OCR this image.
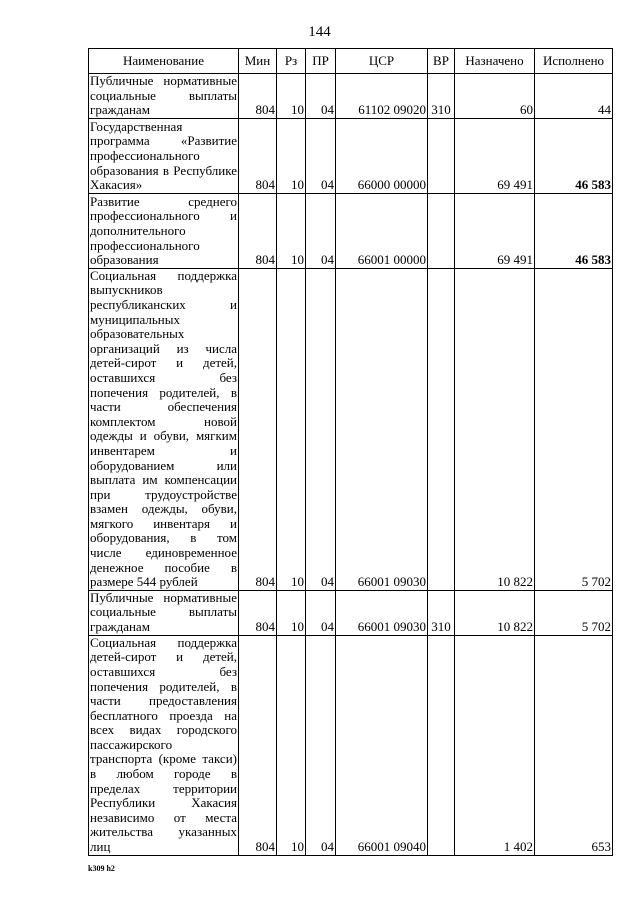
144
Наименование	Мин	Рз	ПР	ЦСР	ВР	Назначено	Исполнено
Публичные нормативные социальные выплаты гражданам	804	10	04	61102 09020	310	60	44
Государственная программа «Развитие профессионального образования в Республике Хакасия»	804	10	04	66000 00000		69 491	46 583
Развитие среднего профессионального и дополнительного профессионального образования	804	10	04	66001 00000		69 491	46 583
Социальная поддержка выпускников республиканских и муниципальных образовательных организаций из числа детей-сирот и детей, оставшихся без попечения родителей, в части обеспечения комплектом новой одежды и обуви, мягким инвентарем и оборудованием или выплата им компенсации при трудоустройстве взамен одежды, обуви, мягкого инвентаря и оборудования, в том числе единовременное денежное пособие в размере 544 рублей	804	10	04	66001 09030		10 822	5 702
Публичные нормативные социальные выплаты гражданам	804	10	04	66001 09030	310	10 822	5 702
Социальная поддержка детей-сирот и детей, оставшихся без попечения родителей, в части предоставления бесплатного проезда на всех видах городского пассажирского транспорта (кроме такси) в любом городе в пределах территории Республики Хакасия независимо от места жительства указанных лиц	804	10	04	66001 09040		1 402	653
k309 h2
